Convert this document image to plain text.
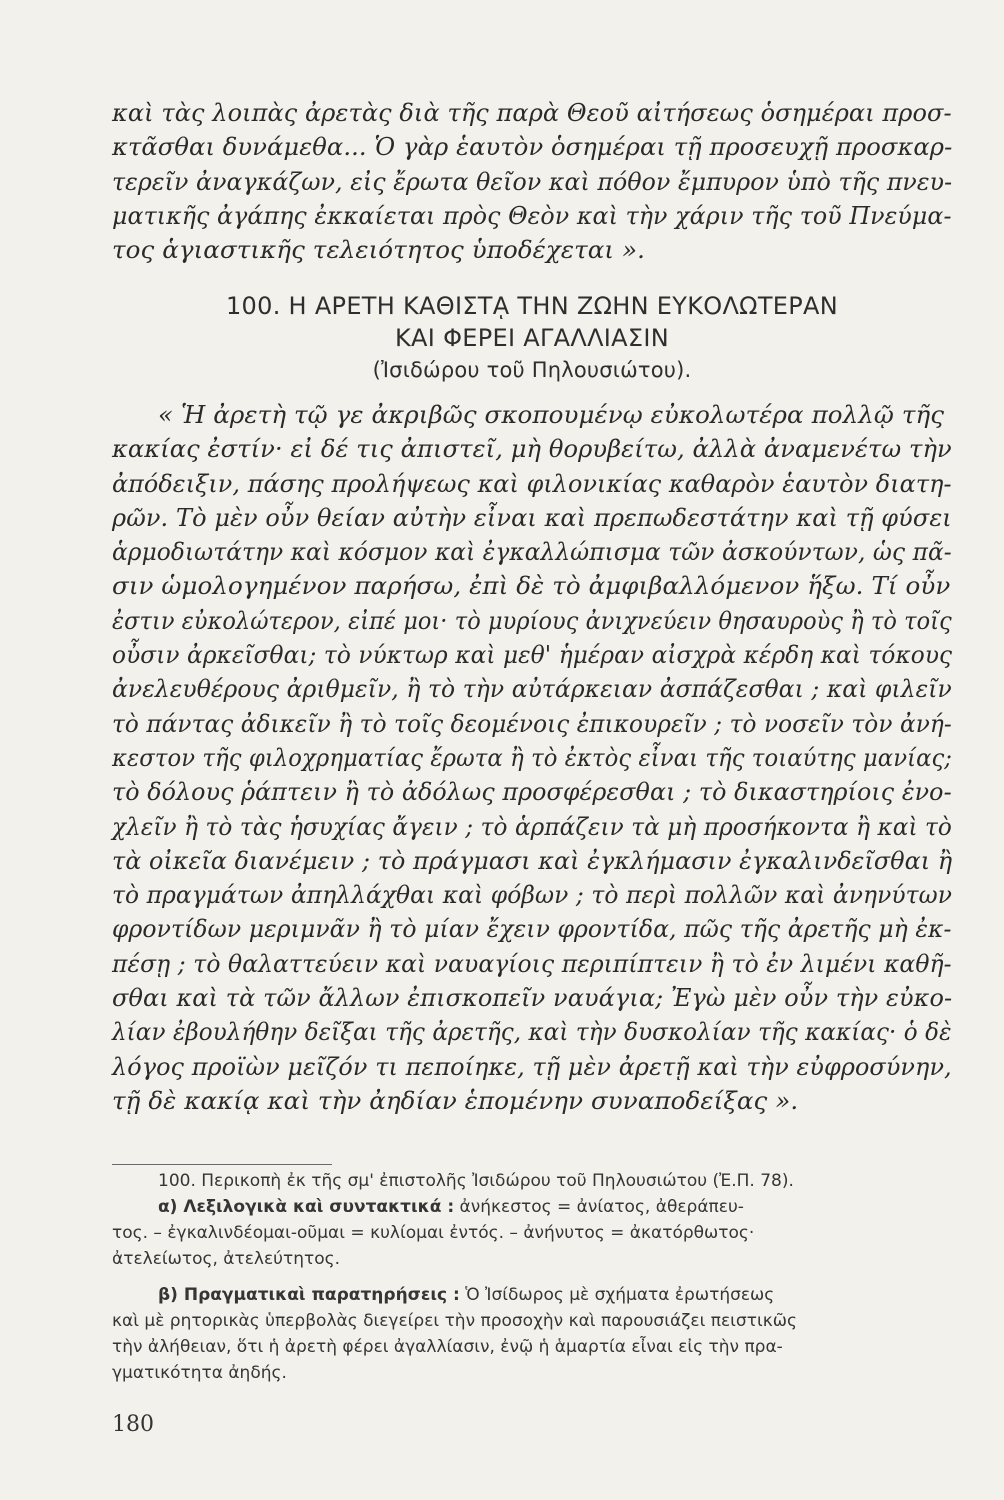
καὶ τὰς λοιπὰς ἀρετὰς διὰ τῆς παρὰ Θεοῦ αἰτήσεως ὁσημέραι προσ-
κτᾶσθαι δυνάμεθα... Ὁ γὰρ ἑαυτὸν ὁσημέραι τῇ προσευχῇ προσκαρ-
τερεῖν ἀναγκάζων, εἰς ἔρωτα θεῖον καὶ πόθον ἔμπυρον ὑπὸ τῆς πνευ-
ματικῆς ἀγάπης ἐκκαίεται πρὸς Θεὸν καὶ τὴν χάριν τῆς τοῦ Πνεύμα-
τος ἁγιαστικῆς τελειότητος ὑποδέχεται ».
100. Η ΑΡΕΤΗ ΚΑΘΙΣΤᾼ ΤΗΝ ΖΩΗΝ ΕΥΚΟΛΩΤΕΡΑΝ
ΚΑΙ ΦΕΡΕΙ ΑΓΑΛΛΙΑΣΙΝ
(Ἰσιδώρου τοῦ Πηλουσιώτου).
« Ἡ ἀρετὴ τῷ γε ἀκριβῶς σκοπουμένῳ εὐκολωτέρα πολλῷ τῆς
κακίας ἐστίν· εἰ δέ τις ἀπιστεῖ, μὴ θορυβείτω, ἀλλὰ ἀναμενέτω τὴν
ἀπόδειξιν, πάσης προλήψεως καὶ φιλονικίας καθαρὸν ἑαυτὸν διατη-
ρῶν. Τὸ μὲν οὖν θείαν αὐτὴν εἶναι καὶ πρεπωδεστάτην καὶ τῇ φύσει
ἁρμοδιωτάτην καὶ κόσμον καὶ ἐγκαλλώπισμα τῶν ἀσκούντων, ὡς πᾶ-
σιν ὡμολογημένον παρήσω, ἐπὶ δὲ τὸ ἀμφιβαλλόμενον ἥξω. Τί οὖν
ἐστιν εὐκολώτερον, εἰπέ μοι· τὸ μυρίους ἀνιχνεύειν θησαυροὺς ἢ τὸ τοῖς
οὖσιν ἀρκεῖσθαι; τὸ νύκτωρ καὶ μεθ' ἡμέραν αἰσχρὰ κέρδη καὶ τόκους
ἀνελευθέρους ἀριθμεῖν, ἢ τὸ τὴν αὐτάρκειαν ἀσπάζεσθαι ; καὶ φιλεῖν
τὸ πάντας ἀδικεῖν ἢ τὸ τοῖς δεομένοις ἐπικουρεῖν ; τὸ νοσεῖν τὸν ἀνή-
κεστον τῆς φιλοχρηματίας ἔρωτα ἢ τὸ ἐκτὸς εἶναι τῆς τοιαύτης μανίας;
τὸ δόλους ῥάπτειν ἢ τὸ ἀδόλως προσφέρεσθαι ; τὸ δικαστηρίοις ἐνο-
χλεῖν ἢ τὸ τὰς ἡσυχίας ἄγειν ; τὸ ἁρπάζειν τὰ μὴ προσήκοντα ἢ καὶ τὸ
τὰ οἰκεῖα διανέμειν ; τὸ πράγμασι καὶ ἐγκλήμασιν ἐγκαλινδεῖσθαι ἢ
τὸ πραγμάτων ἀπηλλάχθαι καὶ φόβων ; τὸ περὶ πολλῶν καὶ ἀνηνύτων
φροντίδων μεριμνᾶν ἢ τὸ μίαν ἔχειν φροντίδα, πῶς τῆς ἀρετῆς μὴ ἐκ-
πέσῃ ; τὸ θαλαττεύειν καὶ ναυαγίοις περιπίπτειν ἢ τὸ ἐν λιμένι καθῆ-
σθαι καὶ τὰ τῶν ἄλλων ἐπισκοπεῖν ναυάγια; Ἐγὼ μὲν οὖν τὴν εὐκο-
λίαν ἐβουλήθην δεῖξαι τῆς ἀρετῆς, καὶ τὴν δυσκολίαν τῆς κακίας· ὁ δὲ
λόγος προϊὼν μεῖζόν τι πεποίηκε, τῇ μὲν ἀρετῇ καὶ τὴν εὐφροσύνην,
τῇ δὲ κακίᾳ καὶ τὴν ἀηδίαν ἑπομένην συναποδείξας ».
100. Περικοπὴ ἐκ τῆς σμ' ἐπιστολῆς Ἰσιδώρου τοῦ Πηλουσιώτου (Ἐ.Π. 78).
α) Λεξιλογικὰ καὶ συντακτικά : ἀνήκεστος = ἀνίατος, ἀθεράπευ-
τος. – ἐγκαλινδέομαι-οῦμαι = κυλίομαι ἐντός. – ἀνήνυτος = ἀκατόρθωτος·
ἀτελείωτος, ἀτελεύτητος.
β) Πραγματικαὶ παρατηρήσεις : Ὁ Ἰσίδωρος μὲ σχήματα ἐρωτήσεως
καὶ μὲ ρητορικὰς ὑπερβολὰς διεγείρει τὴν προσοχὴν καὶ παρουσιάζει πειστικῶς
τὴν ἀλήθειαν, ὅτι ἡ ἀρετὴ φέρει ἀγαλλίασιν, ἐνῷ ἡ ἁμαρτία εἶναι εἰς τὴν πρα-
γματικότητα ἀηδής.
180
